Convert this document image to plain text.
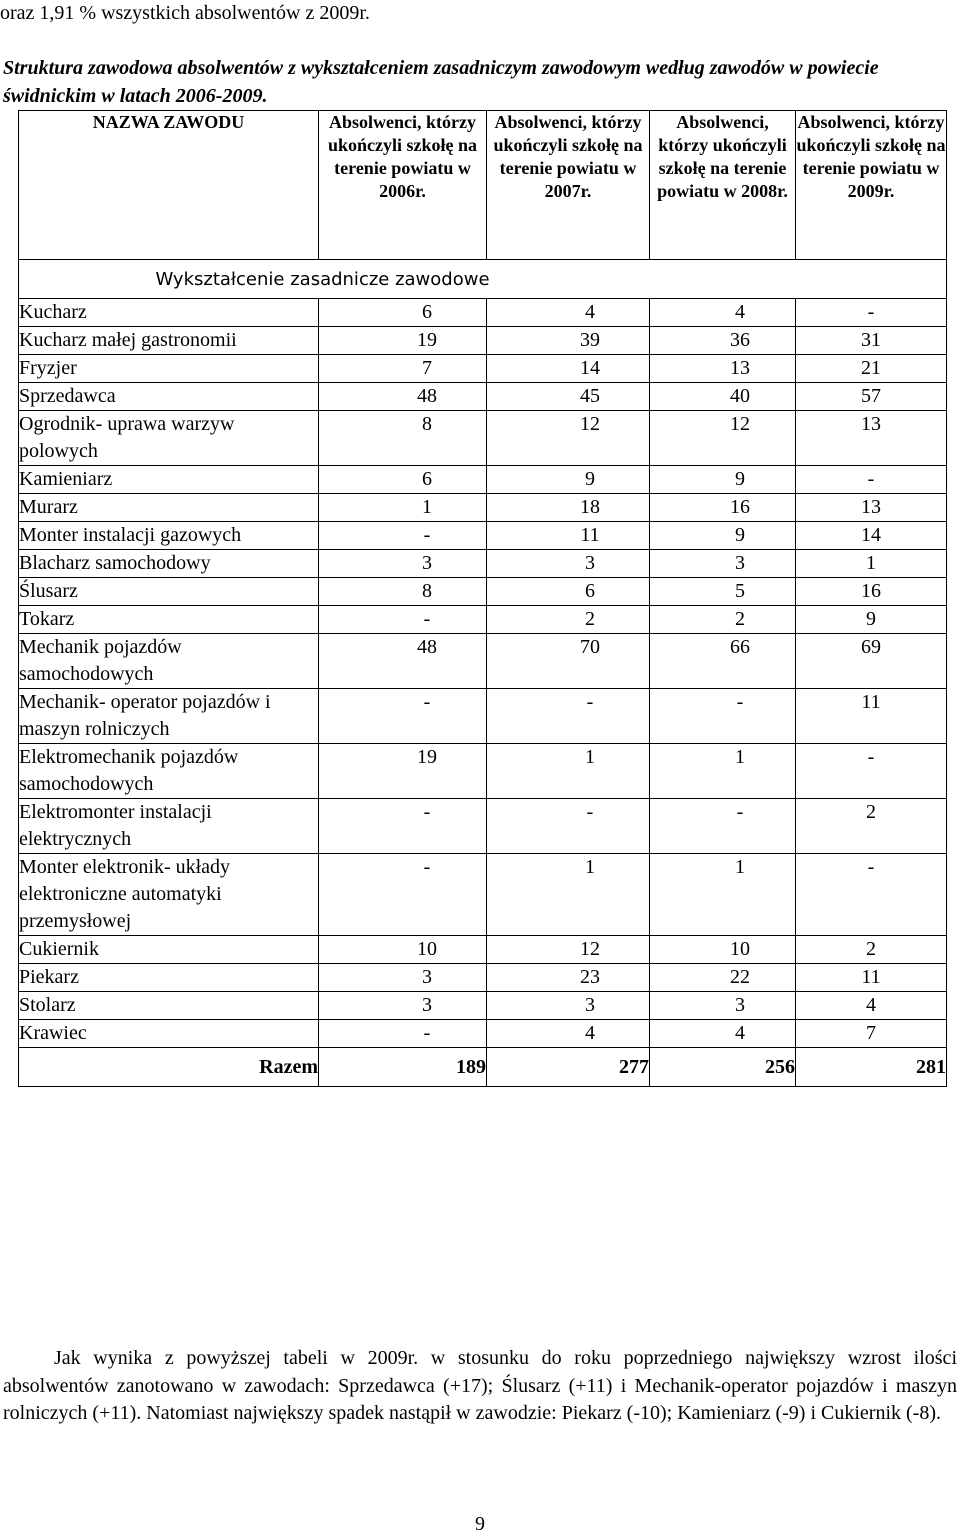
oraz 1,91 % wszystkich absolwentów z 2009r.
Struktura zawodowa absolwentów z wykształceniem zasadniczym zawodowym według zawodów w powiecie świdnickim w latach 2006-2009.
NAZWA ZAWODU	Absolwenci, którzy ukończyli szkołę na terenie powiatu w 2006r.	Absolwenci, którzy ukończyli szkołę na terenie powiatu w 2007r.	Absolwenci, którzy ukończyli szkołę na terenie powiatu w 2008r.	Absolwenci, którzy ukończyli szkołę na terenie powiatu w 2009r.
Wykształcenie zasadnicze zawodowe				

Kucharz	6	4	4	-

Kucharz małej gastronomii	19	39	36	31

Fryzjer	7	14	13	21

Sprzedawca	48	45	40	57

Ogrodnik- uprawa warzyw polowych	8	12	12	13

Kamieniarz	6	9	9	-

Murarz	1	18	16	13

Monter instalacji gazowych	-	11	9	14

Blacharz samochodowy	3	3	3	1

Ślusarz	8	6	5	16

Tokarz	-	2	2	9

Mechanik pojazdów samochodowych	48	70	66	69

Mechanik- operator pojazdów i maszyn rolniczych	-	-	-	11

Elektromechanik pojazdów samochodowych	19	1	1	-

Elektromonter instalacji elektrycznych	-	-	-	2

Monter elektronik- układy elektroniczne automatyki przemysłowej	-	1	1	-

Cukiernik	10	12	10	2

Piekarz	3	23	22	11

Stolarz	3	3	3	4

Krawiec	-	4	4	7
Razem	189	277	256	281
Jak wynika z powyższej tabeli w 2009r. w stosunku do roku poprzedniego największy wzrost ilości absolwentów zanotowano w zawodach: Sprzedawca (+17); Ślusarz (+11) i Mechanik-operator pojazdów i maszyn rolniczych (+11). Natomiast największy spadek nastąpił w zawodzie: Piekarz (-10); Kamieniarz (-9) i Cukiernik (-8).
9
